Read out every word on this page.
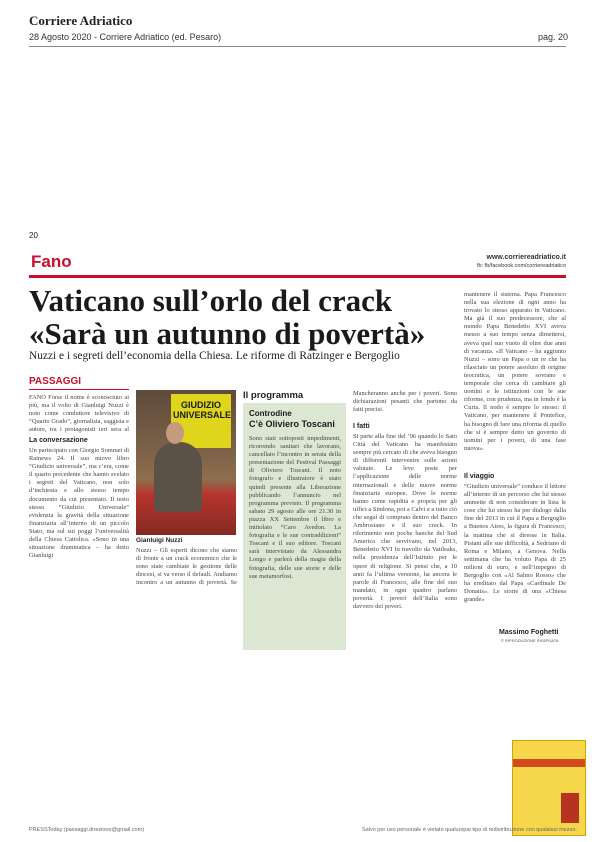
Corriere Adriatico
28 Agosto 2020 - Corriere Adriatico (ed. Pesaro)	pag. 20
20
Fano	www.corriereadriatico.it
fb: fb/facebook.com/corriereadriatico
Vaticano sull’orlo del crack
«Sarà un autunno di povertà»
Nuzzi e i segreti dell’economia della Chiesa. Le riforme di Ratzinger e Bergoglio
PASSAGGI
FANO Forse il nome è sconosciuto ai più, ma il volto di Gianluigi Nuzzi è noto come conduttore televisivo di “Quarto Grado”, giornalista, saggista e autore, tra i protagonisti ieri sera al
La conversazione
Un partecipato con Giorgio Sommei di Rainews 24. Il suo nuovo libro “Giudizio universale”, ma c’era, come il quarto precedente che hanno svelato i segreti del Vaticano, non solo d’inchiesta e allo stesso tempo documento da cui presentato. Il testo stesso “Giudizio Universale” evidenzia la gravità della situazione finanziaria all’interno di un piccolo Stato, ma sul sui poggi l’universalità della Chiesa Cattolica. «Sono in una situazione drammatica – ha detto Gianluigi
GIUDIZIO UNIVERSALE
Gianluigi Nuzzi
Nuzzi – Gli esperti dicono che siamo di fronte a un crack economico che le sono state cambiate le gestione delle diocesi, si va verso il default. Andiamo incontro a un autunno di povertà. Se
Il programma
Controdine
C’è Oliviero Toscani
Sono stati sottoposti impedimenti, ricorrendo sanitari che lavorano, cancellato l’incontro in serata della presentazione del Festival Passaggi di Oliviero Toscani. Il noto fotografo e illustratore è stato quindi presente alla Liberazione pubblicando l’annuncio nel programma previsto. Il programma sabato 29 agosto alle ore 21.30 in piazza XX Settembre il libro e intitolato “Caro Avedon. La fotografia e le sue contraddizioni” Toscani e il suo editore. Toscani sarà intervistato da Alessandra Longo e parlerà della magia della fotografia, delle sue storie e delle sue metamorfosi.
Mancheranno anche per i poveri. Sono dichiarazioni pesanti che partono da fatti precisi.
I fatti
Si parte alla fine del ’96 quando lo Sato Città del Vaticano ha manifestato sempre più cercato di che aveva bisogno di differenti intervenire sulle azioni valutate. Le leve poste per l’applicazione delle norme internazionali e delle nuove norme finanziarie europee. Dove le norme hanno come rapidità e propria per gli uffici a Sindona, poi a Calvi e a tutto ciò che seguì di comprato dentro del Banco Ambrosiano e il suo crack. In riferimento non poche banche del Sud America che servivano, nel 2013, Benedetto XVI fu travolto da Vatileaks, nella presidenza dell’Istituto per le opere di religione. Si pensi che, a 10 anni fa l’ultima versione, ha ancora le parole di Francesco, alle fine del suo mandato, in ogni quattro parlano povertà. I poveri dell’Italia sono davvero dei poveri.
mantenere il sistema. Papa Francesco nella sua elezione di ogni anno ha trovato lo stesso apparato in Vaticano. Ma già il suo predecessore, che al mondo Papa Benedetto XVI aveva messo a suo tempo senza dimettersi, aveva quel suo vuoto di oltre due anni di vacanza. «Il Vaticano – ha aggiunto Nuzzi – sono un Papa o un re che ha rilasciato un potere assoluto di origine teocratica, un potere sovrano e temporale che cerca di cambiare gli uomini e le istituzioni con le sue riforme, con prudenza, ma in fondo è la Curia. Il nodo è sempre lo stesso: il Vaticano, per mantenere il Pontefice, ha bisogno di fare una riforma di quello che si è sempre detto un governo di uomini per i poveri, di una fase nuova».
Il viaggio
“Giudizio universale” conduce il lettore all’interno di un percorso che lui stesso ammette di non considerare in lista le cose che lui stesso ha per dialogo dalla fine del 2013 in cui il Papa a Bergoglio a Buenos Aires, la figura di Francesco, la mattina che si diresse in Italia. Pistani alle sue difficoltà, a Sedriano di Roma e Milano, a Genova. Nella settimana che ha voluto Papa di 25 milioni di euro, e nell’impegno di Bergoglio con «Al Salmo Rosso» che ha ereditato dal Papa «Cardinale De Donatis». Le storie di una «Chiesa grande»
Massimo Foghetti
© RIPRODUZIONE RISERVATA
PRESSToday (passaggi.direzione@gmail.com)	Salvo per uso personale è vietato qualunque tipo di redistribuzione con qualsiasi mezzo.
